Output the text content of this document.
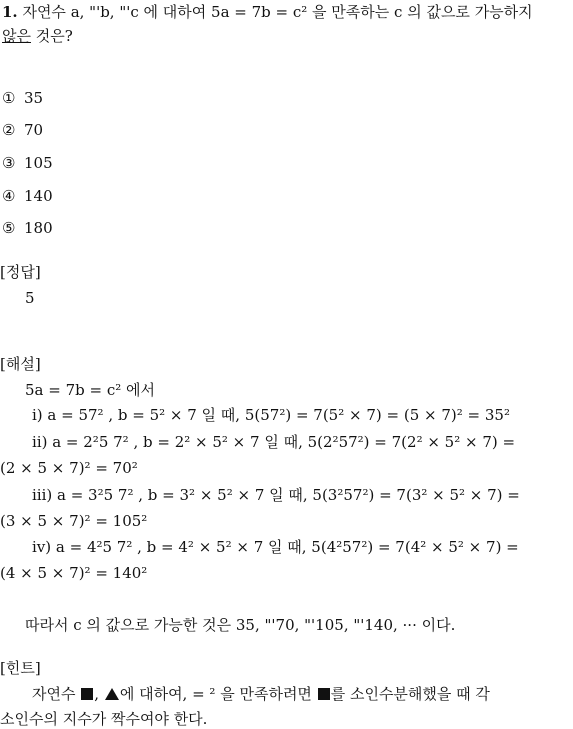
1. 자연수 a, "'b, "'c 에 대하여 5a = 7b = c² 을 만족하는 c 의 값으로 가능하지
않은 것은?
① 35
② 70
③ 105
④ 140
⑤ 180
[정답]
5
[해설]
5a = 7b = c² 에서
ⅰ) a = 57² , b = 5² × 7 일 때, 5(57²) = 7(5² × 7) = (5 × 7)² = 35²
ⅱ) a = 2²5 7² , b = 2² × 5² × 7 일 때, 5(2²57²) = 7(2² × 5² × 7) =
(2 × 5 × 7)² = 70²
ⅲ) a = 3²5 7² , b = 3² × 5² × 7 일 때, 5(3²57²) = 7(3² × 5² × 7) =
(3 × 5 × 7)² = 105²
ⅳ) a = 4²5 7² , b = 4² × 5² × 7 일 때, 5(4²57²) = 7(4² × 5² × 7) =
(4 × 5 × 7)² = 140²
따라서 c 의 값으로 가능한 것은 35, "'70, "'105, "'140, ··· 이다.
[힌트]
자연수 , 에 대하여, = ² 을 만족하려면 를 소인수분해했을 때 각
소인수의 지수가 짝수여야 한다.
